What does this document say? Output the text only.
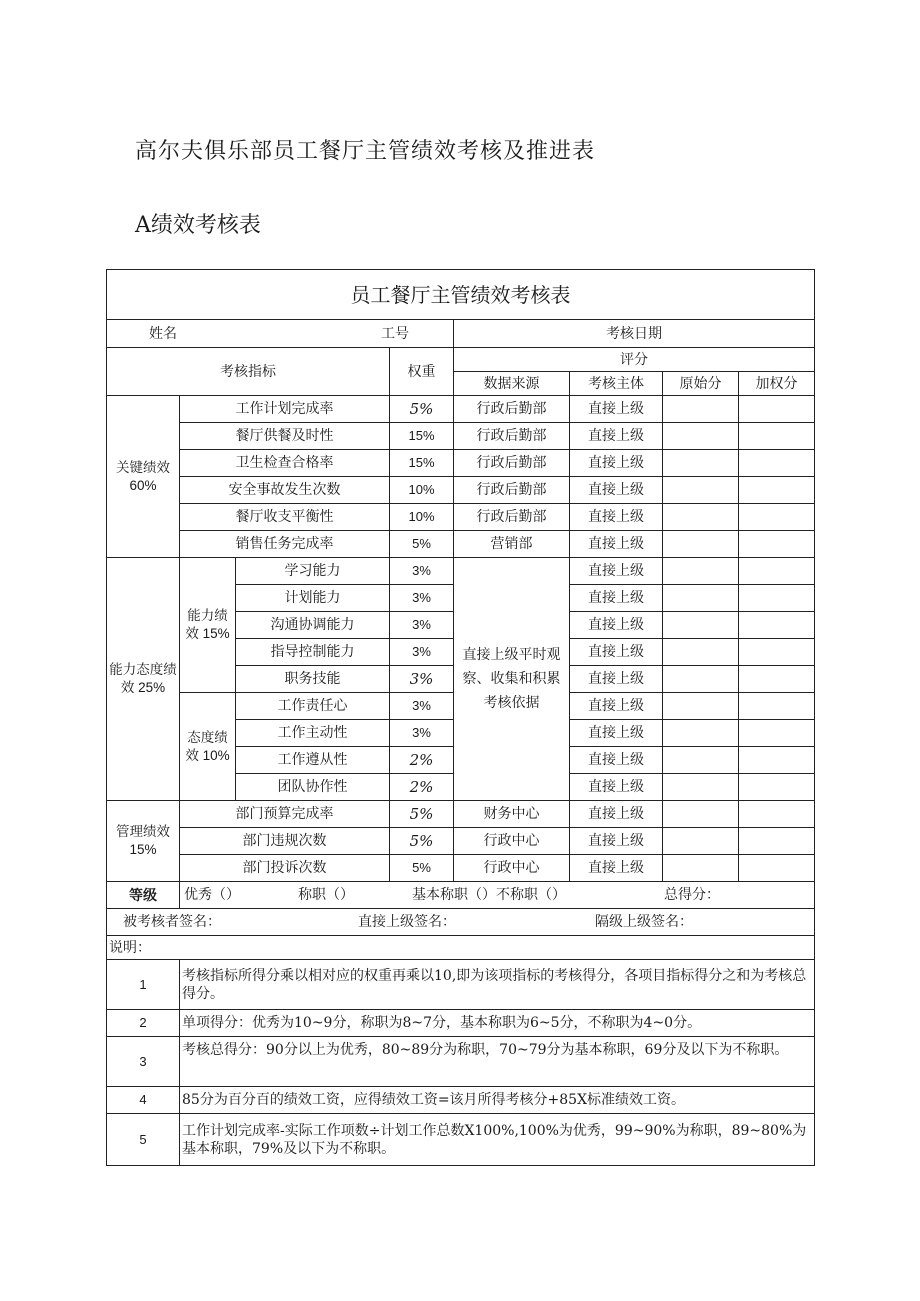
高尔夫俱乐部员工餐厅主管绩效考核及推进表
A绩效考核表
员工餐厅主管绩效考核表							

姓名 工号				考核日期			
考核指标			权重	评分			
				数据来源	考核主体	原始分	加权分
关键绩效 60%	工作计划完成率		5%	行政后勤部	直接上级		
	餐厅供餐及时性		15%	行政后勤部	直接上级		
	卫生检查合格率		15%	行政后勤部	直接上级		
	安全事故发生次数		10%	行政后勤部	直接上级		
	餐厅收支平衡性		10%	行政后勤部	直接上级		
	销售任务完成率		5%	营销部	直接上级		
能力态度绩效 25%	能力绩效 15%	学习能力	3%	直接上级平时观察、收集和积累考核依据	直接上级		
		计划能力	3%		直接上级		
		沟通协调能力	3%		直接上级		
		指导控制能力	3%		直接上级		
		职务技能	3%		直接上级		
	态度绩效 10%	工作责任心	3%		直接上级		
		工作主动性	3%		直接上级		
		工作遵从性	2%		直接上级		
		团队协作性	2%		直接上级		
管理绩效 15%	部门预算完成率		5%	财务中心	直接上级		
	部门违规次数		5%	行政中心	直接上级		
	部门投诉次数		5%	行政中心	直接上级		
等级	优秀（） 称职（） 基本称职（）不称职（） 总得分：						

被考核者签名： 直接上级签名： 隔级上级签名：							

说明：							
1	考核指标所得分乘以相对应的权重再乘以10,即为该项指标的考核得分，各项目指标得分之和为考核总得分。						
2	单项得分：优秀为10~9分，称职为8~7分，基本称职为6~5分，不称职为4~0分。						
3	考核总得分：90分以上为优秀，80~89分为称职，70~79分为基本称职，69分及以下为不称职。						
4	85分为百分百的绩效工资，应得绩效工资=该月所得考核分+85X标准绩效工资。						
5	工作计划完成率-实际工作项数÷计划工作总数X100%,100%为优秀，99~90%为称职，89~80%为基本称职，79%及以下为不称职。						
